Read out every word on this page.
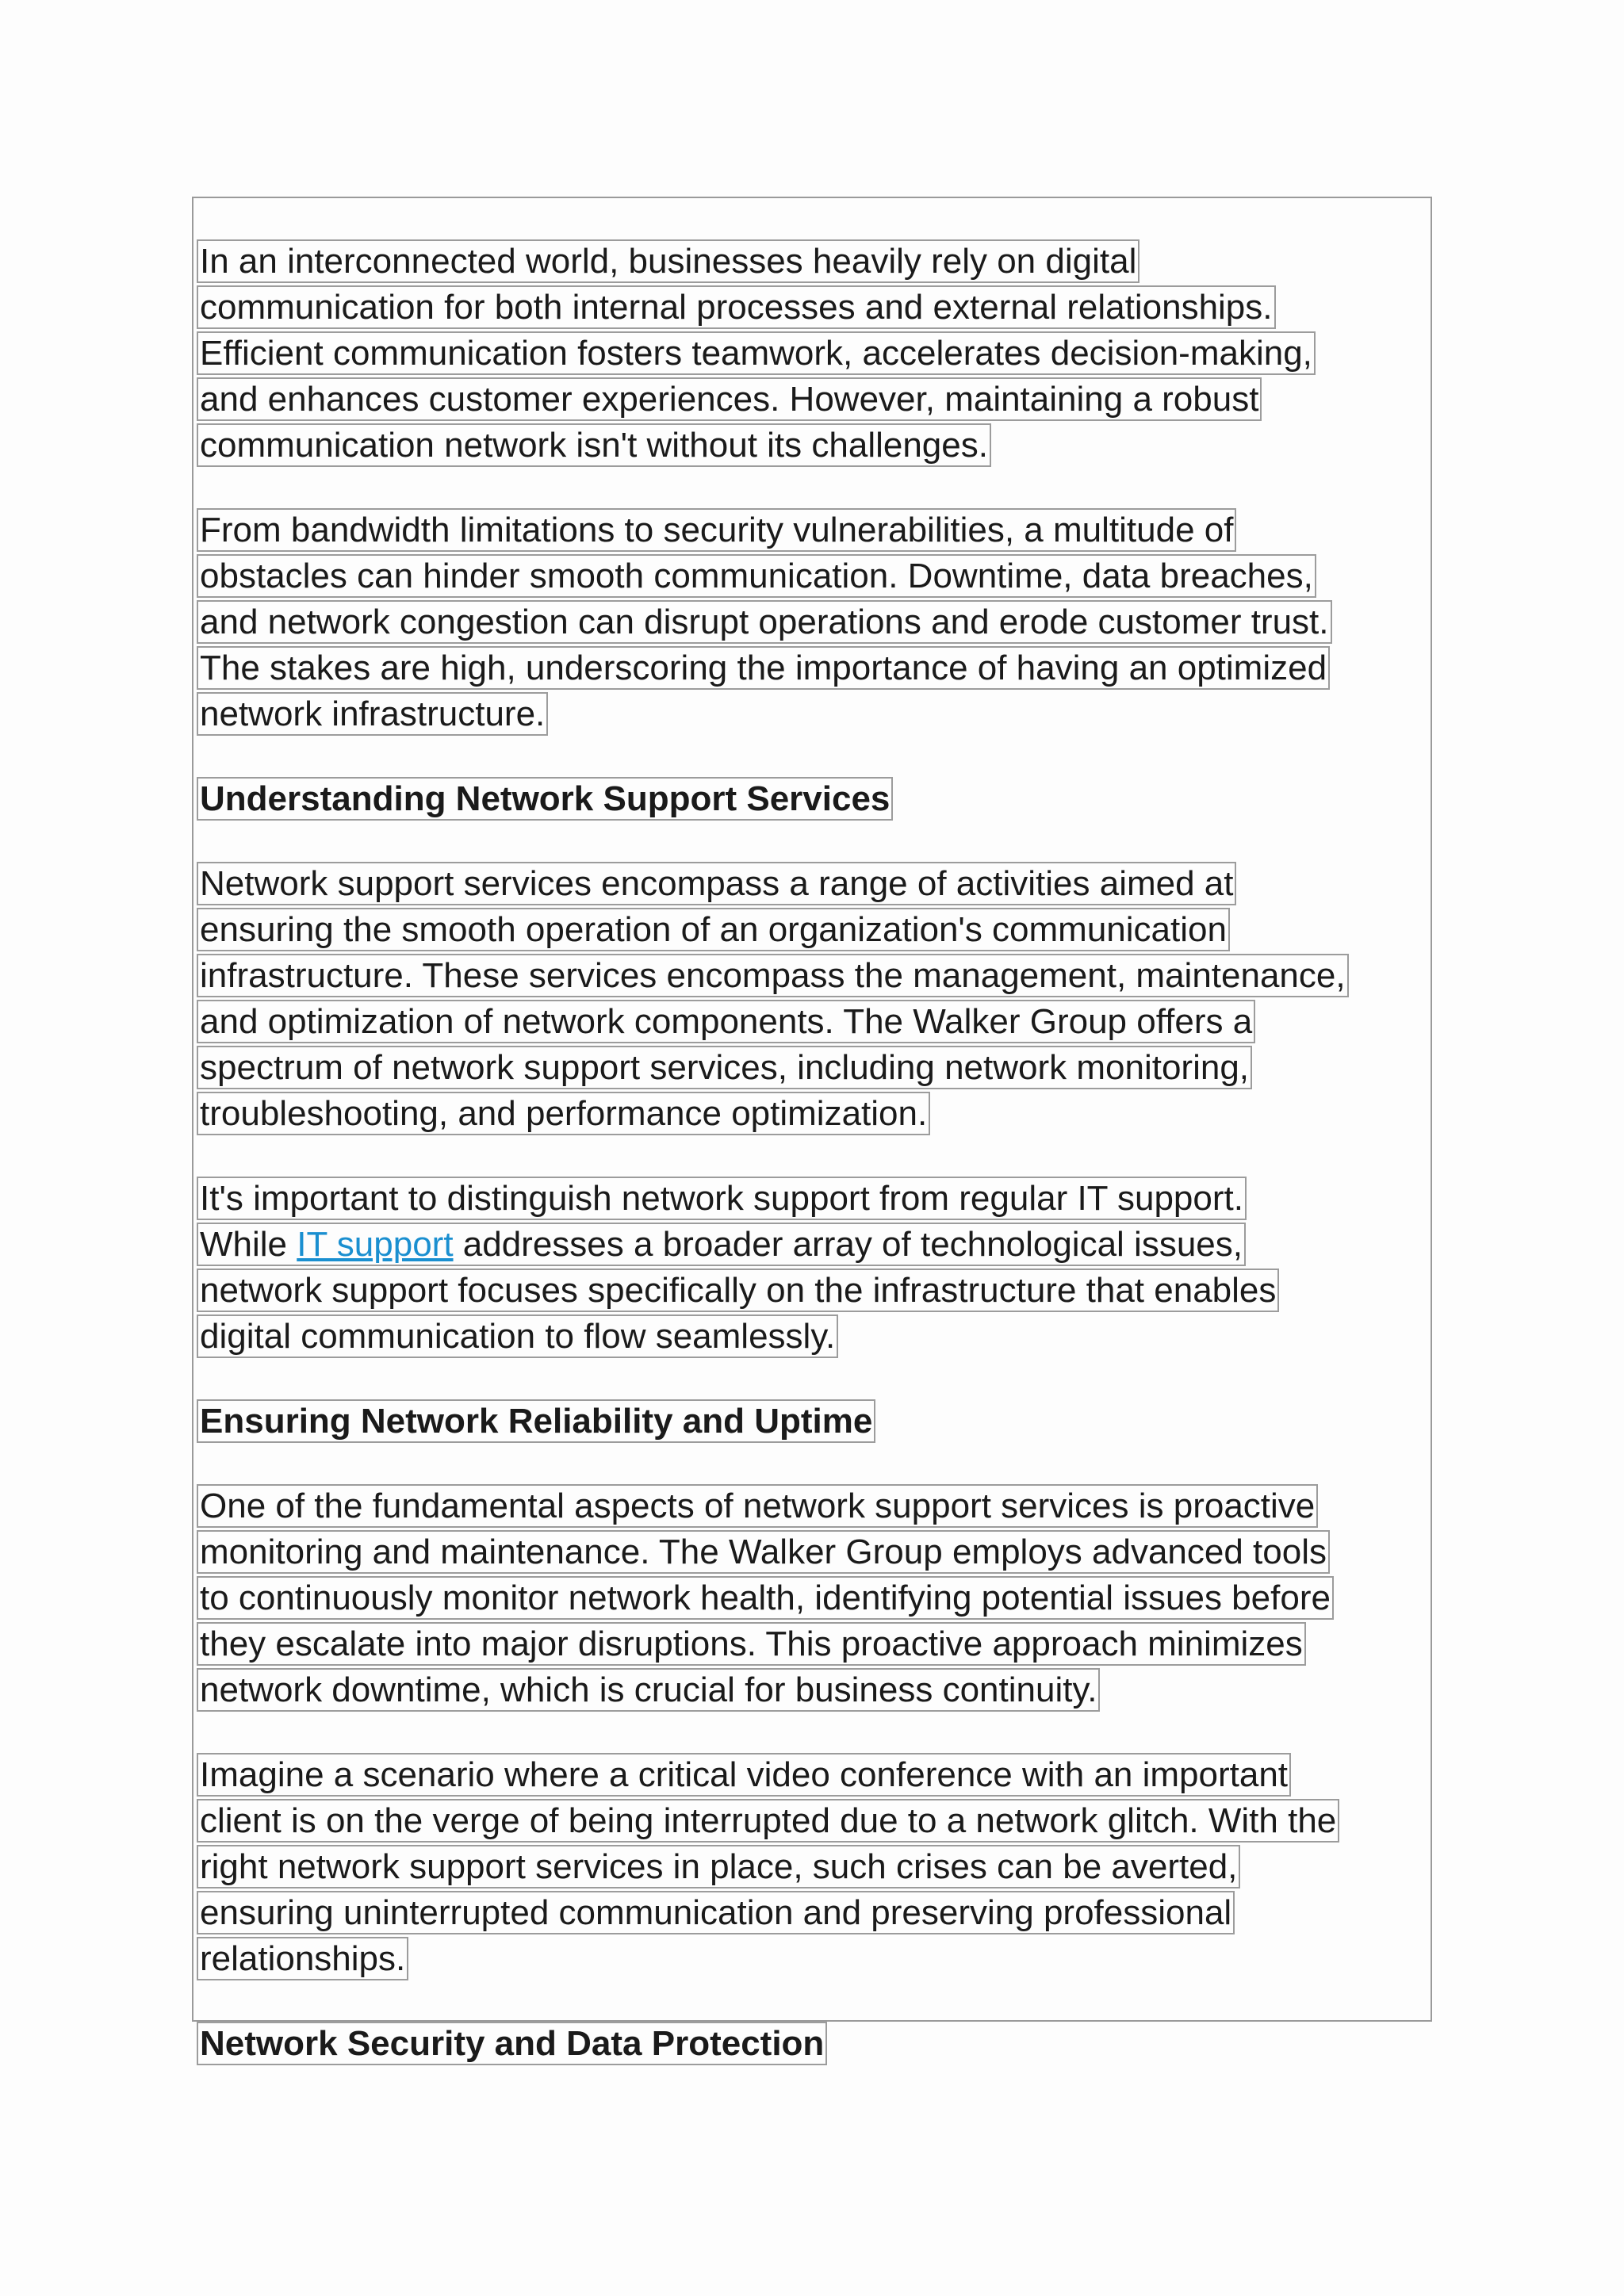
In an interconnected world, businesses heavily rely on digital
communication for both internal processes and external relationships.
Efficient communication fosters teamwork, accelerates decision-making,
and enhances customer experiences. However, maintaining a robust
communication network isn't without its challenges.
From bandwidth limitations to security vulnerabilities, a multitude of
obstacles can hinder smooth communication. Downtime, data breaches,
and network congestion can disrupt operations and erode customer trust.
The stakes are high, underscoring the importance of having an optimized
network infrastructure.
Understanding Network Support Services
Network support services encompass a range of activities aimed at
ensuring the smooth operation of an organization's communication
infrastructure. These services encompass the management, maintenance,
and optimization of network components. The Walker Group offers a
spectrum of network support services, including network monitoring,
troubleshooting, and performance optimization.
It's important to distinguish network support from regular IT support.
While IT support addresses a broader array of technological issues,
network support focuses specifically on the infrastructure that enables
digital communication to flow seamlessly.
Ensuring Network Reliability and Uptime
One of the fundamental aspects of network support services is proactive
monitoring and maintenance. The Walker Group employs advanced tools
to continuously monitor network health, identifying potential issues before
they escalate into major disruptions. This proactive approach minimizes
network downtime, which is crucial for business continuity.
Imagine a scenario where a critical video conference with an important
client is on the verge of being interrupted due to a network glitch. With the
right network support services in place, such crises can be averted,
ensuring uninterrupted communication and preserving professional
relationships.
Network Security and Data Protection
